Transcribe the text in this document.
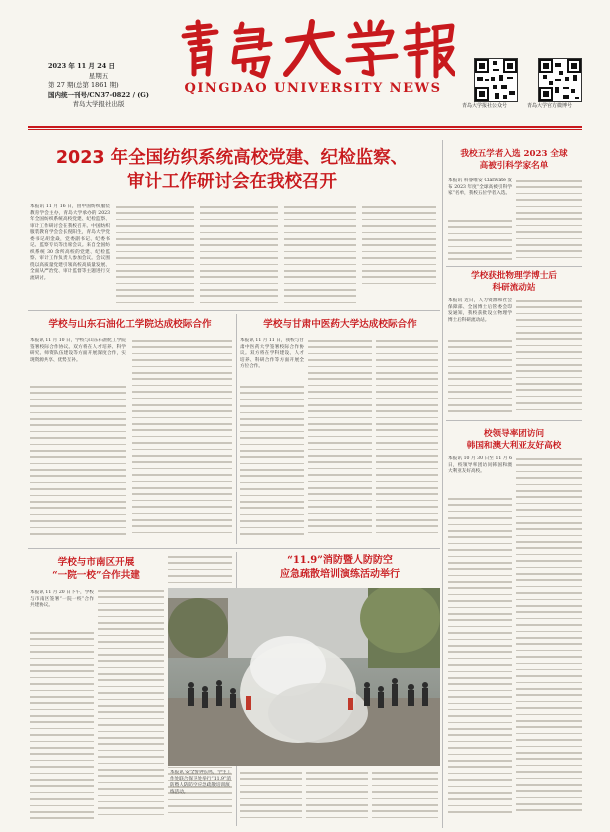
2023 年 11 月 24 日
星期五
第 27 期(总第 1861 期)
国内统一刊号/CN37-0822 / (G)
青岛大学报社出版
QINGDAO UNIVERSITY NEWS
青岛大学报社公众号	青岛大学官方微博号
2023 年全国纺织系统高校党建、纪检监察、
审计工作研讨会在我校召开
本报讯 11 月 16 日，由中国纺织服装教育学会主办，青岛大学承办的 2023 年全国纺织系统高校党建、纪检监察、审计工作研讨会在我校召开。中国纺织服装教育学会会长倪阳生，青岛大学党委书记胡金焱，党委副书记、纪委书记、监察专员等出席会议。来自全国纺织系统 30 余所高校的党建、纪检监察、审计工作负责人参加会议。会议围绕以高质量党建引领高校高质量发展、全面从严治党、审计监督等主题进行交流研讨。
学校与山东石油化工学院达成校际合作
本报讯 11 月 10 日，学校与山东石油化工学院签署校际合作协议。双方将在人才培养、科学研究、师资队伍建设等方面开展深度合作，实现资源共享、优势互补。
学校与甘肃中医药大学达成校际合作
本报讯 11 月 11 日，我校与甘肃中医药大学签署校际合作协议。双方将在学科建设、人才培养、科研合作等方面开展全方位合作。
学校与市南区开展
“一院一校”合作共建
本报讯 11 月 20 日下午，学校与市南区签署“一院一校”合作共建协议。
“11.9”消防暨人防防空
应急疏散培训演练活动举行
本报讯 安全警钟长鸣，学生工作处联合保卫处举行“11.9”消防暨人防防空应急疏散培训演练活动。
我校五学者入选 2023 全球
高被引科学家名单
本报讯 科睿唯安 Clarivate 发布 2023 年度“全球高被引科学家”名单，我校五位学者入选。
学校获批物理学博士后
科研流动站
本报讯 近日，人力资源和社会保障部、全国博士后管委会印发通知，我校获批设立物理学博士后科研流动站。
校领导率团访问
韩国和澳大利亚友好高校
本报讯 10 月 30 日至 11 月 6 日，校领导率团访问韩国和澳大利亚友好高校。
